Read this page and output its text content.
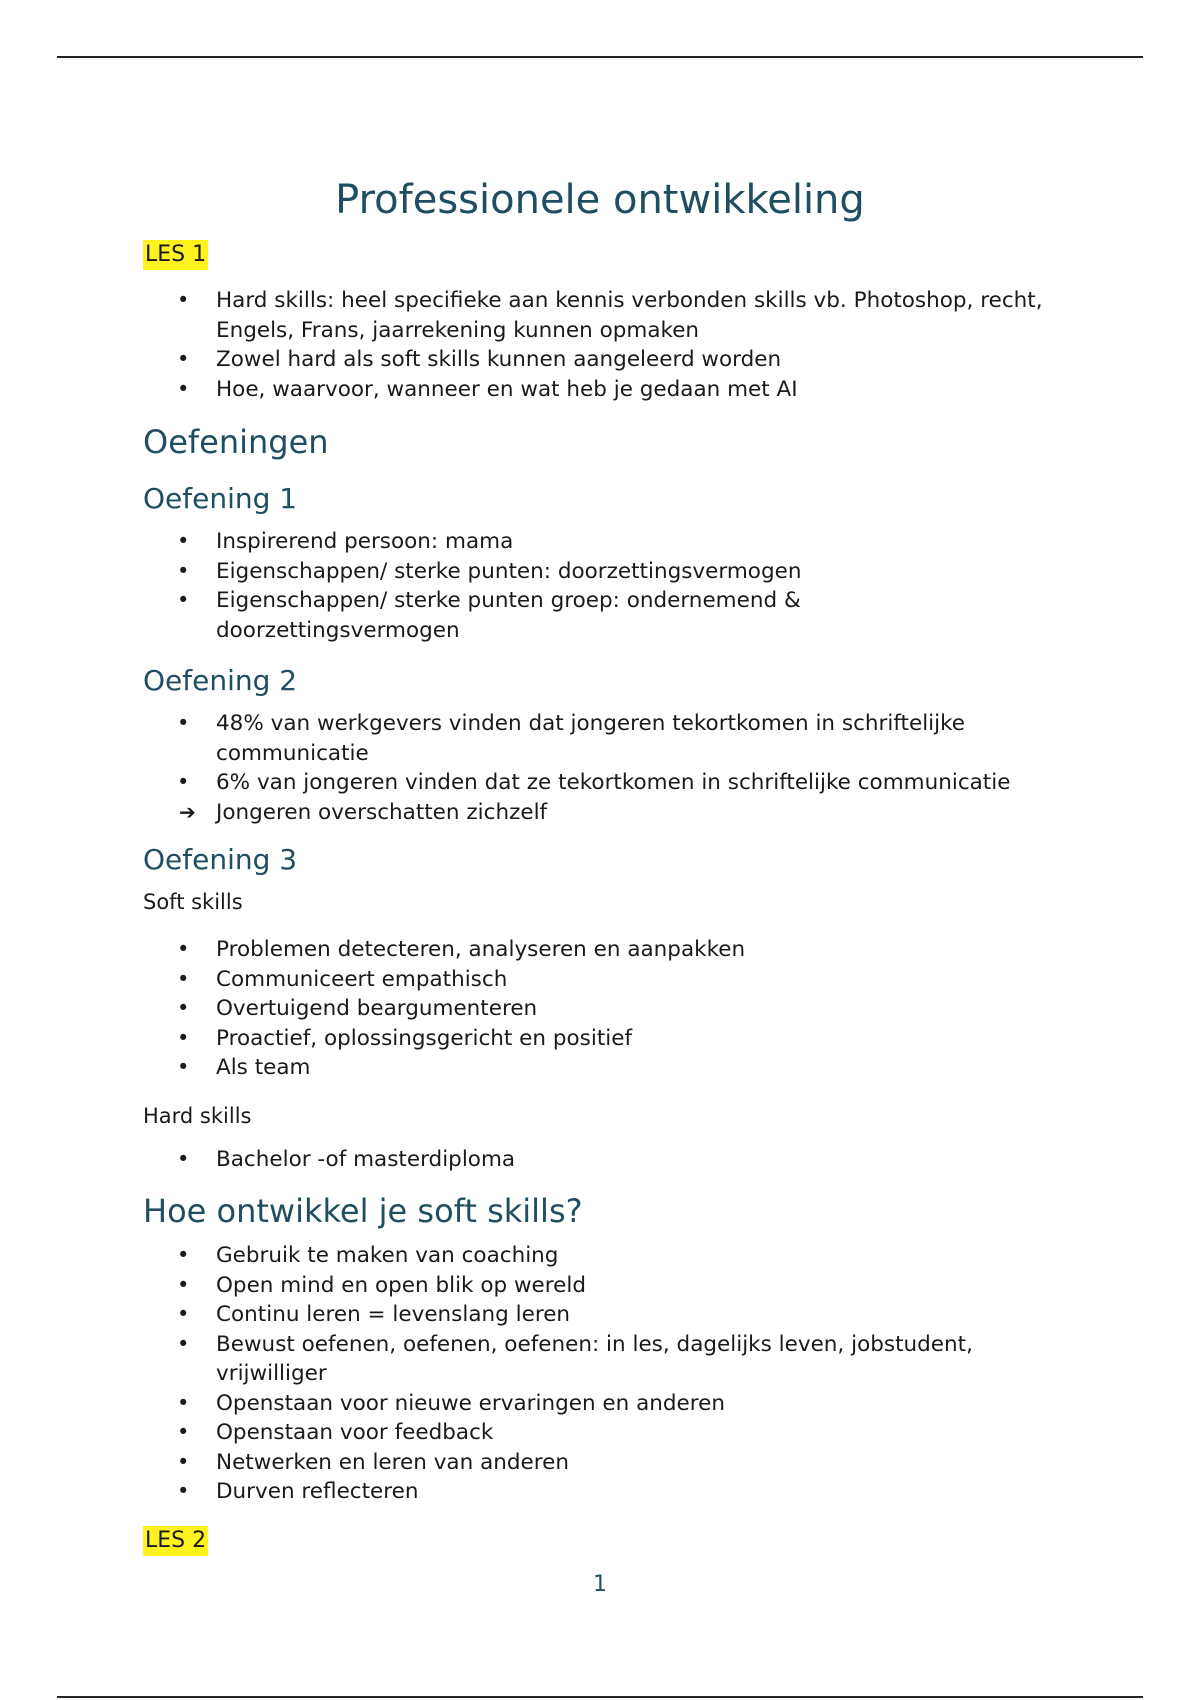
Professionele ontwikkeling
LES 1
• Hard skills: heel specifieke aan kennis verbonden skills vb. Photoshop, recht, Engels, Frans, jaarrekening kunnen opmaken
• Zowel hard als soft skills kunnen aangeleerd worden
• Hoe, waarvoor, wanneer en wat heb je gedaan met AI
Oefeningen
Oefening 1
• Inspirerend persoon: mama
• Eigenschappen/ sterke punten: doorzettingsvermogen
• Eigenschappen/ sterke punten groep: ondernemend & doorzettingsvermogen
Oefening 2
• 48% van werkgevers vinden dat jongeren tekortkomen in schriftelijke communicatie
• 6% van jongeren vinden dat ze tekortkomen in schriftelijke communicatie
➔ Jongeren overschatten zichzelf
Oefening 3
Soft skills
• Problemen detecteren, analyseren en aanpakken
• Communiceert empathisch
• Overtuigend beargumenteren
• Proactief, oplossingsgericht en positief
• Als team
Hard skills
• Bachelor -of masterdiploma
Hoe ontwikkel je soft skills?
• Gebruik te maken van coaching
• Open mind en open blik op wereld
• Continu leren = levenslang leren
• Bewust oefenen, oefenen, oefenen: in les, dagelijks leven, jobstudent, vrijwilliger
• Openstaan voor nieuwe ervaringen en anderen
• Openstaan voor feedback
• Netwerken en leren van anderen
• Durven reflecteren
LES 2
1
